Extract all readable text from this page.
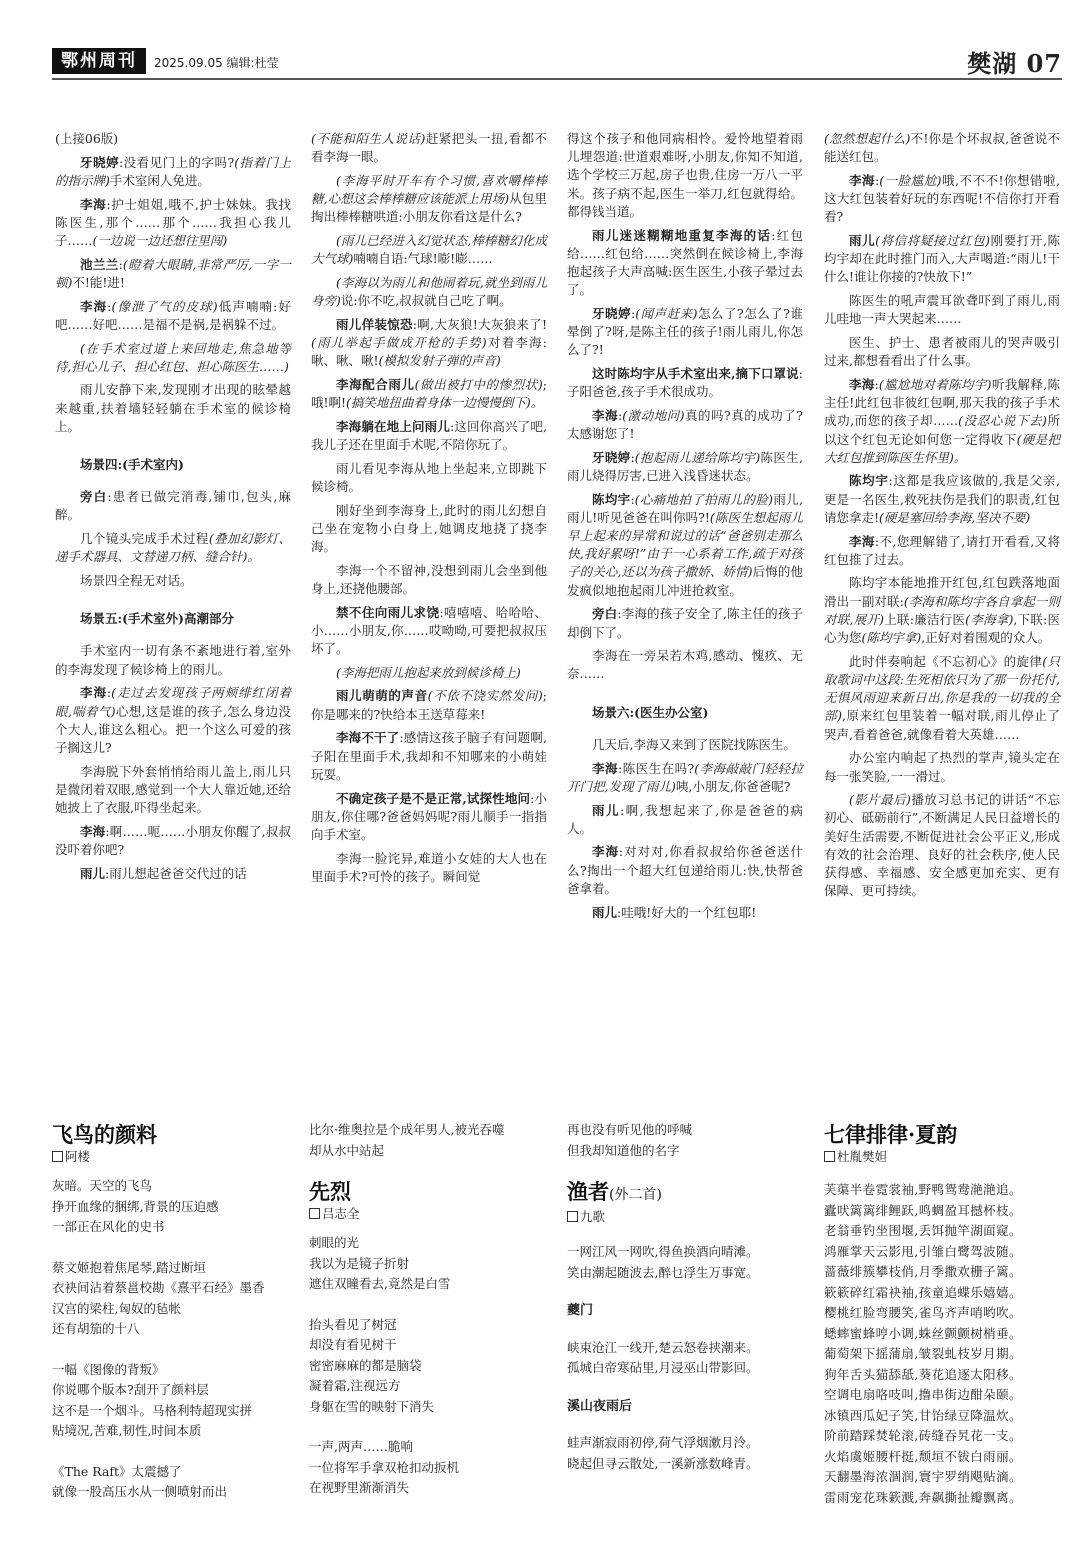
鄂州周刊	2025.09.05 编辑:杜莹	樊湖 07

(上接06版)

牙晓婷:没看见门上的字吗?(指着门上的指示牌)手术室闲人免进。

李海:护士姐姐,哦不,护士妹妹。我找陈医生,那个……那个……我担心我儿子……(一边说一边还想往里闯)

池兰兰:(瞪着大眼睛,非常严厉,一字一顿)不!能!进!

李海:(像泄了气的皮球)低声喃喃:好吧……好吧……是福不是祸,是祸躲不过。

(在手术室过道上来回地走,焦急地等待,担心儿子、担心红包、担心陈医生……)

雨儿安静下来,发现刚才出现的眩晕越来越重,扶着墙轻轻躺在手术室的候诊椅上。

场景四:(手术室内)

旁白:患者已做完消毒,铺巾,包头,麻醉。

几个镜头完成手术过程(叠加幻影灯、递手术器具、文替递刀柄、缝合针)。

场景四全程无对话。

场景五:(手术室外)高潮部分

手术室内一切有条不紊地进行着,室外的李海发现了候诊椅上的雨儿。

李海:(走过去发现孩子两颊绯红闭着眼,喘着气)心想,这是谁的孩子,怎么身边没个大人,谁这么粗心。把一个这么可爱的孩子搁这儿?

李海脱下外套悄悄给雨儿盖上,雨儿只是微闭着双眼,感觉到一个大人靠近她,还给她披上了衣服,吓得坐起来。

李海:啊……呃……小朋友你醒了,叔叔没吓着你吧?

雨儿:雨儿想起爸爸交代过的话

(不能和陌生人说话)赶紧把头一扭,看都不看李海一眼。

(李海平时开车有个习惯,喜欢嚼棒棒糖,心想这会棒棒糖应该能派上用场)从包里掏出棒棒糖哄道:小朋友你看这是什么?

(雨儿已经进入幻觉状态,棒棒糖幻化成大气球)喃喃自语:气球!嘭!嘭……

(李海以为雨儿和他闹着玩,就坐到雨儿身旁)说:你不吃,叔叔就自己吃了啊。

雨儿佯装惊恐:啊,大灰狼!大灰狼来了!(雨儿举起手做成开枪的手势)对着李海:啾、啾、啾!(模拟发射子弹的声音)

李海配合雨儿(做出被打中的惨烈状);哦!啊!(搞笑地扭曲着身体一边慢慢倒下)。

李海躺在地上问雨儿:这回你高兴了吧,我儿子还在里面手术呢,不陪你玩了。

雨儿看见李海从地上坐起来,立即跳下候诊椅。

刚好坐到李海身上,此时的雨儿幻想自己坐在宠物小白身上,她调皮地挠了挠李海。

李海一个不留神,没想到雨儿会坐到他身上,还挠他腰部。

禁不住向雨儿求饶:嘻嘻嘻、哈哈哈、小……小朋友,你……哎呦呦,可要把叔叔压坏了。

(李海把雨儿抱起来放到候诊椅上)

雨儿萌萌的声音(不依不饶实然发问);你是哪来的?快给本王送草莓来!

李海不干了:感情这孩子脑子有问题啊,子阳在里面手术,我却和不知哪来的小萌娃玩耍。

不确定孩子是不是正常,试探性地问:小朋友,你住哪?爸爸妈妈呢?雨儿顺手一指指向手术室。

李海一脸诧异,难道小女娃的大人也在里面手术?可怜的孩子。瞬间觉

得这个孩子和他同病相怜。爱怜地望着雨儿埋怨道:世道艰难呀,小朋友,你知不知道,选个学校三万起,房子也贵,住房一万八一平米。孩子病不起,医生一举刀,红包就得给。都得钱当道。

雨儿迷迷糊糊地重复李海的话:红包给……红包给……突然倒在候诊椅上,李海抱起孩子大声高喊:医生医生,小孩子晕过去了。

牙晓婷:(闻声赶来)怎么了?怎么了?谁晕倒了?呀,是陈主任的孩子!雨儿雨儿,你怎么了?!

这时陈均宇从手术室出来,摘下口罩说:子阳爸爸,孩子手术很成功。

李海:(激动地问)真的吗?真的成功了?太感谢您了!

牙晓婷:(抱起雨儿递给陈均宇)陈医生,雨儿烧得厉害,已进入浅昏迷状态。

陈均宇:(心痛地拍了拍雨儿的脸)雨儿,雨儿!听见爸爸在叫你吗?!(陈医生想起雨儿早上起来的异常和说过的话“爸爸别走那么快,我好累呀!”由于一心系着工作,疏于对孩子的关心,还以为孩子撒娇、娇情)后悔的他发疯似地抱起雨儿冲进抢救室。

旁白:李海的孩子安全了,陈主任的孩子却倒下了。

李海在一旁呆若木鸡,感动、愧疚、无奈……

场景六:(医生办公室)

几天后,李海又来到了医院找陈医生。

李海:陈医生在吗?(李海敲敲门轻轻拉开门把,发现了雨儿)咦,小朋友,你爸爸呢?

雨儿:啊,我想起来了,你是爸爸的病人。

李海:对对对,你看叔叔给你爸爸送什么?掏出一个超大红包递给雨儿:快,快帮爸爸拿着。

雨儿:哇哦!好大的一个红包耶!

(忽然想起什么)不!你是个坏叔叔,爸爸说不能送红包。

李海:(一脸尴尬)哦,不不不!你想错啦,这大红包装着好玩的东西呢!不信你打开看看?

雨儿(将信将疑接过红包)刚要打开,陈均宇却在此时推门而入,大声喝道:“雨儿!干什么!谁让你接的?快放下!”

陈医生的吼声震耳欲聋吓到了雨儿,雨儿哇地一声大哭起来……

医生、护士、患者被雨儿的哭声吸引过来,都想看看出了什么事。

李海:(尴尬地对着陈均宇)听我解释,陈主任!此红包非彼红包啊,那天我的孩子手术成功,而您的孩子却……(没忍心说下去)所以这个红包无论如何您一定得收下(硬是把大红包推到陈医生怀里)。

陈均宇:这都是我应该做的,我是父亲,更是一名医生,救死扶伤是我们的职责,红包请您拿走!(硬是塞回给李海,坚决不要)

李海:不,您理解错了,请打开看看,又将红包推了过去。

陈均宇本能地推开红包,红包跌落地面滑出一副对联:(李海和陈均宇各自拿起一则对联,展开)上联:廉洁行医(李海拿),下联:医心为您(陈均宇拿),正好对着围观的众人。

此时伴奏响起《不忘初心》的旋律(只取歌词中这段:生死相依只为了那一份托付,无惧风雨迎来新日出,你是我的一切我的全部),原来红包里装着一幅对联,雨儿停止了哭声,看着爸爸,就像看着大英雄……

办公室内响起了热烈的掌声,镜头定在每一张笑脸,一一滑过。

(影片最后)播放习总书记的讲话“不忘初心、砥砺前行”,不断满足人民日益增长的美好生活需要,不断促进社会公平正义,形成有效的社会治理、良好的社会秩序,使人民获得感、幸福感、安全感更加充实、更有保障、更可持续。

飞鸟的颜料
阿楼
灰暗。天空的飞鸟
挣开血缘的捆绑,背景的压迫感
一部正在风化的史书
蔡文姬抱着焦尾琴,踏过断垣
衣袂间沾着蔡邕校勘《熹平石经》墨香
汉宫的梁柱,匈奴的毡帐
还有胡笳的十八
一幅《图像的背叛》
你说哪个版本?刮开了颜料层
这不是一个烟斗。马格利特超现实拼
贴境况,苦难,韧性,时间本质
《The Raft》太震撼了
就像一股高压水从一侧喷射而出
比尔·维奥拉是个成年男人,被光吞噬
却从水中站起
先烈
吕志全
刺眼的光
我以为是镜子折射
遮住双瞳看去,竟然是白雪
抬头看见了树冠
却没有看见树干
密密麻麻的都是脑袋
凝着霜,注视远方
身躯在雪的映射下消失
一声,两声……脆响
一位将军手拿双枪扣动扳机
在视野里渐渐消失
再也没有听见他的呼喊
但我却知道他的名字
渔者(外二首)
九歌
一网江风一网吹,得鱼换酒向晴滩。
笑由潮起随波去,醉乜浮生万事宽。
夔门
峡束沧江一线开,楚云怒卷挟潮来。
孤城白帝寒砧里,月浸巫山带影回。
溪山夜雨后
蛙声渐寂雨初停,荷气浮烟漱月泠。
晓起但寻云散处,一溪新涨数峰青。
七律排律·夏韵
杜胤樊妲
芙蕖半卷霓裳袖,野鸭鸳鸯滟滟追。
蠹吠篱篱绯鲤跃,鸣蜩盈耳撼杯枝。
老翁垂钓坐围堰,丢饵抛竿湖面窥。
鸿雁掌天云影甩,引雏白鹭驾波随。
蔷薇绯簇攀枝俏,月季撒欢栅子篱。
簌簌碎红霜袂袖,孩童追蝶乐嬉嬉。
樱桃红脸弯腰笑,雀鸟齐声哨哟吹。
蟋蟀蜜蜂哼小调,蛛丝颤颤树梢垂。
葡萄架下摇蒲扇,皱裂虬枝岁月期。
狗年舌头猫舔舐,葵花追逐太阳移。
空调电扇咯吱叫,撸串街边酣朵颐。
冰镇西瓜妃子笑,甘饴绿豆降温炊。
阶前踏踩焚轮滚,砖缝吞旯花一支。
火焰虞姬腰杆挺,颓垣不钹白雨丽。
天翻墨海浓涸润,寰宇罗绡飓贴滴。
雷雨宠花珠簌溅,奔飙撕扯瓣飘离。
